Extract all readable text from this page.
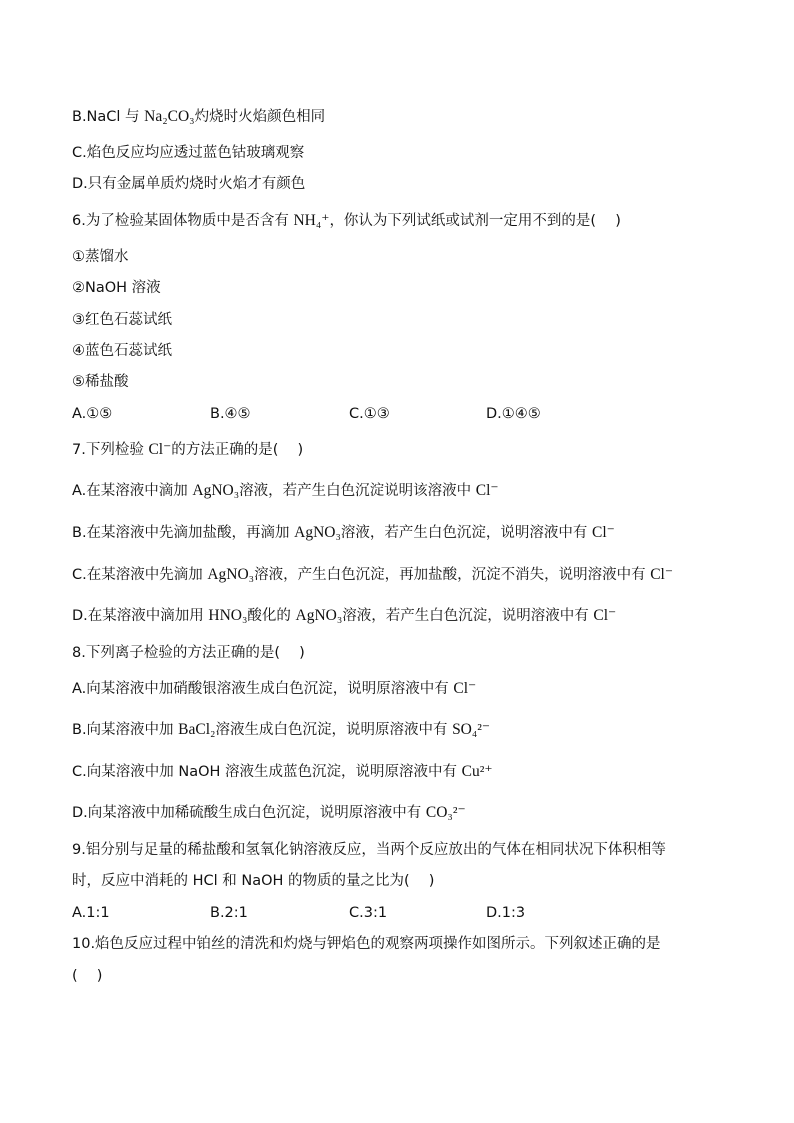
B.NaCl 与 Na₂CO₃灼烧时火焰颜色相同
C.焰色反应均应透过蓝色钴玻璃观察
D.只有金属单质灼烧时火焰才有颜色
6.为了检验某固体物质中是否含有 NH₄⁺，你认为下列试纸或试剂一定用不到的是(　 )
①蒸馏水
②NaOH 溶液
③红色石蕊试纸
④蓝色石蕊试纸
⑤稀盐酸
A.①⑤	B.④⑤	C.①③	D.①④⑤
7.下列检验 Cl⁻的方法正确的是(　 )
A.在某溶液中滴加 AgNO₃溶液，若产生白色沉淀说明该溶液中 Cl⁻
B.在某溶液中先滴加盐酸，再滴加 AgNO₃溶液，若产生白色沉淀，说明溶液中有 Cl⁻
C.在某溶液中先滴加 AgNO₃溶液，产生白色沉淀，再加盐酸，沉淀不消失，说明溶液中有 Cl⁻
D.在某溶液中滴加用 HNO₃酸化的 AgNO₃溶液，若产生白色沉淀，说明溶液中有 Cl⁻
8.下列离子检验的方法正确的是(　 )
A.向某溶液中加硝酸银溶液生成白色沉淀，说明原溶液中有 Cl⁻
B.向某溶液中加 BaCl₂溶液生成白色沉淀，说明原溶液中有 SO₄²⁻
C.向某溶液中加 NaOH 溶液生成蓝色沉淀，说明原溶液中有 Cu²⁺
D.向某溶液中加稀硫酸生成白色沉淀，说明原溶液中有 CO₃²⁻
9.铝分别与足量的稀盐酸和氢氧化钠溶液反应，当两个反应放出的气体在相同状况下体积相等
时，反应中消耗的 HCl 和 NaOH 的物质的量之比为(　 )
A.1:1	B.2:1	C.3:1	D.1:3
10.焰色反应过程中铂丝的清洗和灼烧与钾焰色的观察两项操作如图所示。下列叙述正确的是
(　 )
